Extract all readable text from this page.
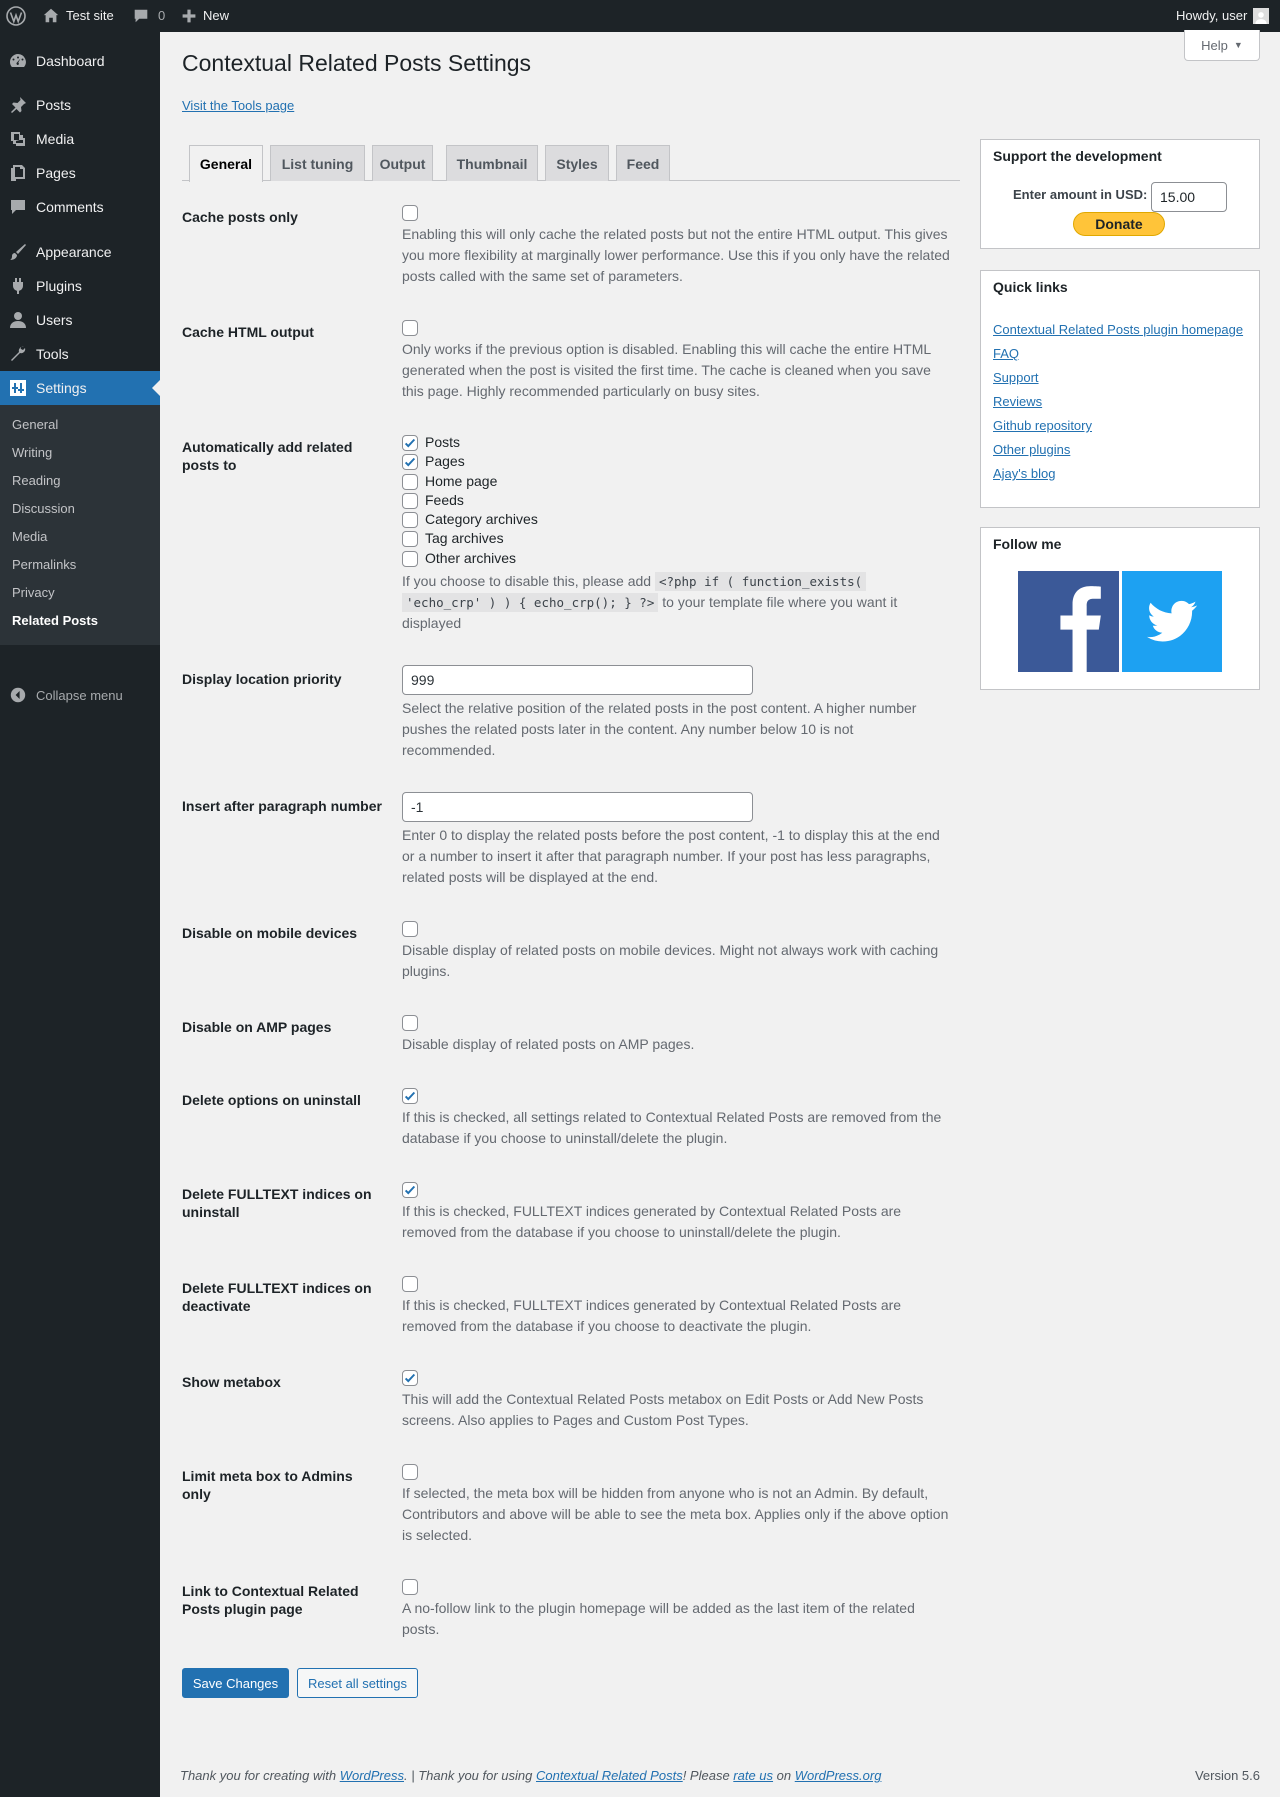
Test site	0	New	Howdy, user
Dashboard
Posts
Media
Pages
Comments
Appearance
Plugins
Users
Tools
Settings
General
Writing
Reading
Discussion
Media
Permalinks
Privacy
Related Posts
Collapse menu
Help ▼
Contextual Related Posts Settings
Visit the Tools page
General	List tuning	Output	Thumbnail	Styles	Feed
Cache posts only
Enabling this will only cache the related posts but not the entire HTML output. This gives you more flexibility at marginally lower performance. Use this if you only have the related posts called with the same set of parameters.
Cache HTML output
Only works if the previous option is disabled. Enabling this will cache the entire HTML generated when the post is visited the first time. The cache is cleaned when you save this page. Highly recommended particularly on busy sites.
Automatically add related posts to
Posts
Pages
Home page
Feeds
Category archives
Tag archives
Other archives
If you choose to disable this, please add <?php if ( function_exists(
'echo_crp' ) ) { echo_crp(); } ?> to your template file where you want it
displayed
Display location priority	999
Select the relative position of the related posts in the post content. A higher number pushes the related posts later in the content. Any number below 10 is not recommended.
Insert after paragraph number	-1
Enter 0 to display the related posts before the post content, -1 to display this at the end or a number to insert it after that paragraph number. If your post has less paragraphs, related posts will be displayed at the end.
Disable on mobile devices
Disable display of related posts on mobile devices. Might not always work with caching plugins.
Disable on AMP pages
Disable display of related posts on AMP pages.
Delete options on uninstall
If this is checked, all settings related to Contextual Related Posts are removed from the database if you choose to uninstall/delete the plugin.
Delete FULLTEXT indices on uninstall	If this is checked, FULLTEXT indices generated by Contextual Related Posts are removed from the database if you choose to uninstall/delete the plugin.
Delete FULLTEXT indices on deactivate	If this is checked, FULLTEXT indices generated by Contextual Related Posts are removed from the database if you choose to deactivate the plugin.
Show metabox
This will add the Contextual Related Posts metabox on Edit Posts or Add New Posts screens. Also applies to Pages and Custom Post Types.
Limit meta box to Admins only	If selected, the meta box will be hidden from anyone who is not an Admin. By default, Contributors and above will be able to see the meta box. Applies only if the above option is selected.
Link to Contextual Related Posts plugin page	A no-follow link to the plugin homepage will be added as the last item of the related posts.
Save Changes	Reset all settings
Support the development
Enter amount in USD: 15.00
Donate
Quick links
Contextual Related Posts plugin homepage
FAQ
Support
Reviews
Github repository
Other plugins
Ajay's blog
Follow me
Thank you for creating with WordPress. | Thank you for using Contextual Related Posts! Please rate us on WordPress.org	Version 5.6
